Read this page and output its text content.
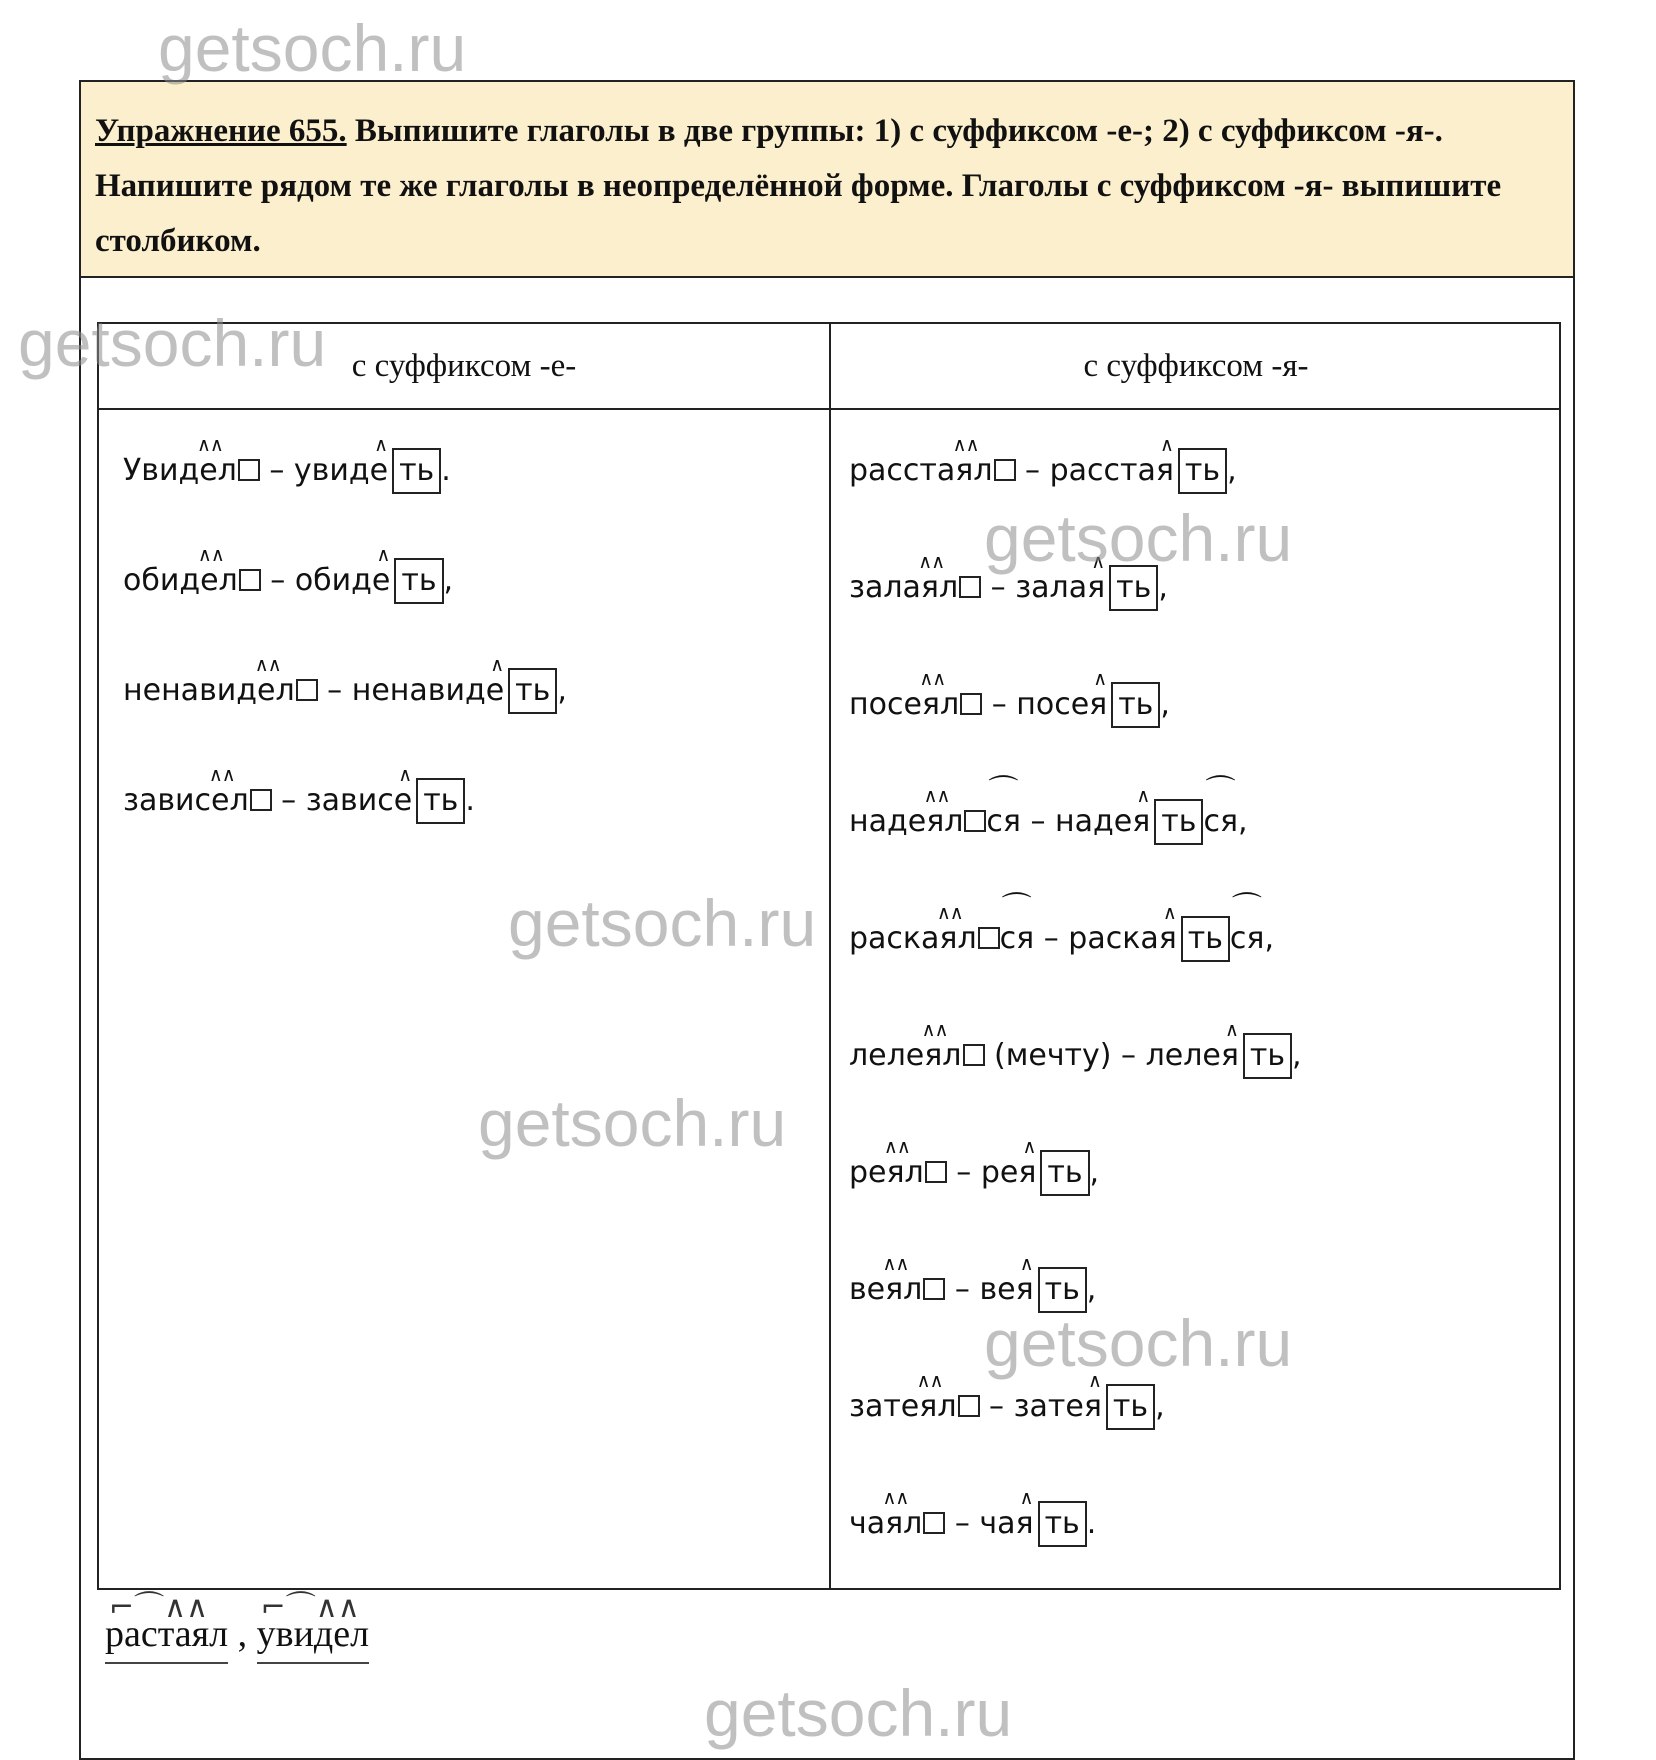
getsoch.ru
getsoch.ru
getsoch.ru
getsoch.ru
getsoch.ru
getsoch.ru
getsoch.ru
Упражнение 655. Выпишите глаголы в две группы: 1) с суффиксом -е-; 2) с суффиксом -я-. Напишите рядом те же глаголы в неопределённой форме. Глаголы с суффиксом -я- выпишите столбиком.
с суффиксом -е-	с суффиксом -я-
∧∧ Увидел – ∧ увиде ть .
∧∧ обидел – ∧ обиде ть ,
∧∧ ненавидел – ∧ ненавиде ть ,
∧∧ зависел – ∧ зависе ть .
∧∧ расстаял – ∧ расстая ть ,
∧∧ залаял – ∧ залая ть ,
∧∧ посеял – ∧ посея ть ,
∧∧ надеял ⌒ ся – ∧ надея ть ⌒ ся,
∧∧ раскаял ⌒ ся – ∧ раская ть ⌒ ся,
∧∧ лелеял (мечту) – ∧ лелея ть ,
∧∧ реял – ∧ рея ть ,
∧∧ веял – ∧ вея ть ,
∧∧ затеял – ∧ затея ть ,
∧∧ чаял – ∧ чая ть .
⌐⌒∧∧ растаял , ⌐⌒∧∧ увидел
